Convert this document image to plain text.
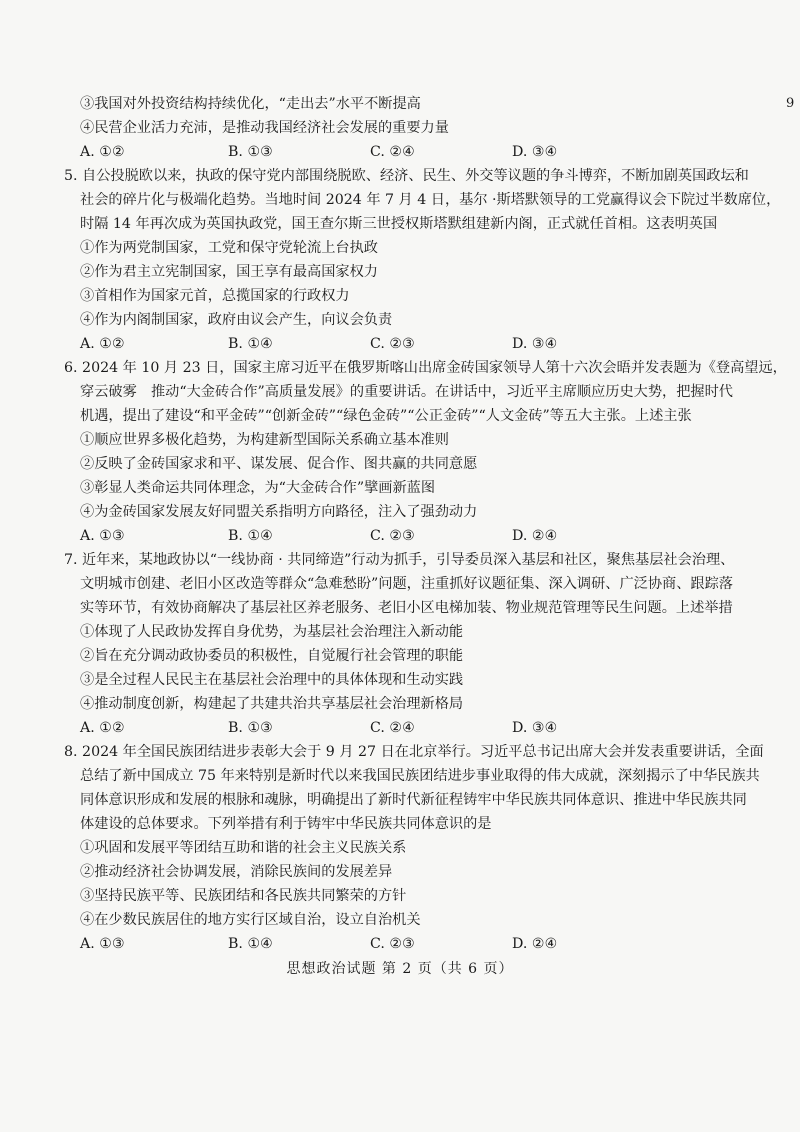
9
③我国对外投资结构持续优化，“走出去”水平不断提高
④民营企业活力充沛，是推动我国经济社会发展的重要力量
A. ①②	B. ①③	C. ②④	D. ③④
5. 自公投脱欧以来，执政的保守党内部围绕脱欧、经济、民生、外交等议题的争斗博弈，不断加剧英国政坛和
社会的碎片化与极端化趋势。当地时间 2024 年 7 月 4 日，基尔 ·斯塔默领导的工党赢得议会下院过半数席位，
时隔 14 年再次成为英国执政党，国王查尔斯三世授权斯塔默组建新内阁，正式就任首相。这表明英国
①作为两党制国家，工党和保守党轮流上台执政
②作为君主立宪制国家，国王享有最高国家权力
③首相作为国家元首，总揽国家的行政权力
④作为内阁制国家，政府由议会产生，向议会负责
A. ①②	B. ①④	C. ②③	D. ③④
6. 2024 年 10 月 23 日，国家主席习近平在俄罗斯喀山出席金砖国家领导人第十六次会晤并发表题为《登高望远，
穿云破雾　推动“大金砖合作”高质量发展》的重要讲话。在讲话中，习近平主席顺应历史大势，把握时代
机遇，提出了建设“和平金砖”“创新金砖”“绿色金砖”“公正金砖”“人文金砖”等五大主张。上述主张
①顺应世界多极化趋势，为构建新型国际关系确立基本准则
②反映了金砖国家求和平、谋发展、促合作、图共赢的共同意愿
③彰显人类命运共同体理念，为“大金砖合作”擘画新蓝图
④为金砖国家发展友好同盟关系指明方向路径，注入了强劲动力
A. ①③	B. ①④	C. ②③	D. ②④
7. 近年来，某地政协以“一线协商 · 共同缔造”行动为抓手，引导委员深入基层和社区，聚焦基层社会治理、
文明城市创建、老旧小区改造等群众“急难愁盼”问题，注重抓好议题征集、深入调研、广泛协商、跟踪落
实等环节，有效协商解决了基层社区养老服务、老旧小区电梯加装、物业规范管理等民生问题。上述举措
①体现了人民政协发挥自身优势，为基层社会治理注入新动能
②旨在充分调动政协委员的积极性，自觉履行社会管理的职能
③是全过程人民民主在基层社会治理中的具体体现和生动实践
④推动制度创新，构建起了共建共治共享基层社会治理新格局
A. ①②	B. ①③	C. ②④	D. ③④
8. 2024 年全国民族团结进步表彰大会于 9 月 27 日在北京举行。习近平总书记出席大会并发表重要讲话，全面
总结了新中国成立 75 年来特别是新时代以来我国民族团结进步事业取得的伟大成就，深刻揭示了中华民族共
同体意识形成和发展的根脉和魂脉，明确提出了新时代新征程铸牢中华民族共同体意识、推进中华民族共同
体建设的总体要求。下列举措有利于铸牢中华民族共同体意识的是
①巩固和发展平等团结互助和谐的社会主义民族关系
②推动经济社会协调发展，消除民族间的发展差异
③坚持民族平等、民族团结和各民族共同繁荣的方针
④在少数民族居住的地方实行区域自治，设立自治机关
A. ①③	B. ①④	C. ②③	D. ②④
思想政治试题 第 2 页（共 6 页）
